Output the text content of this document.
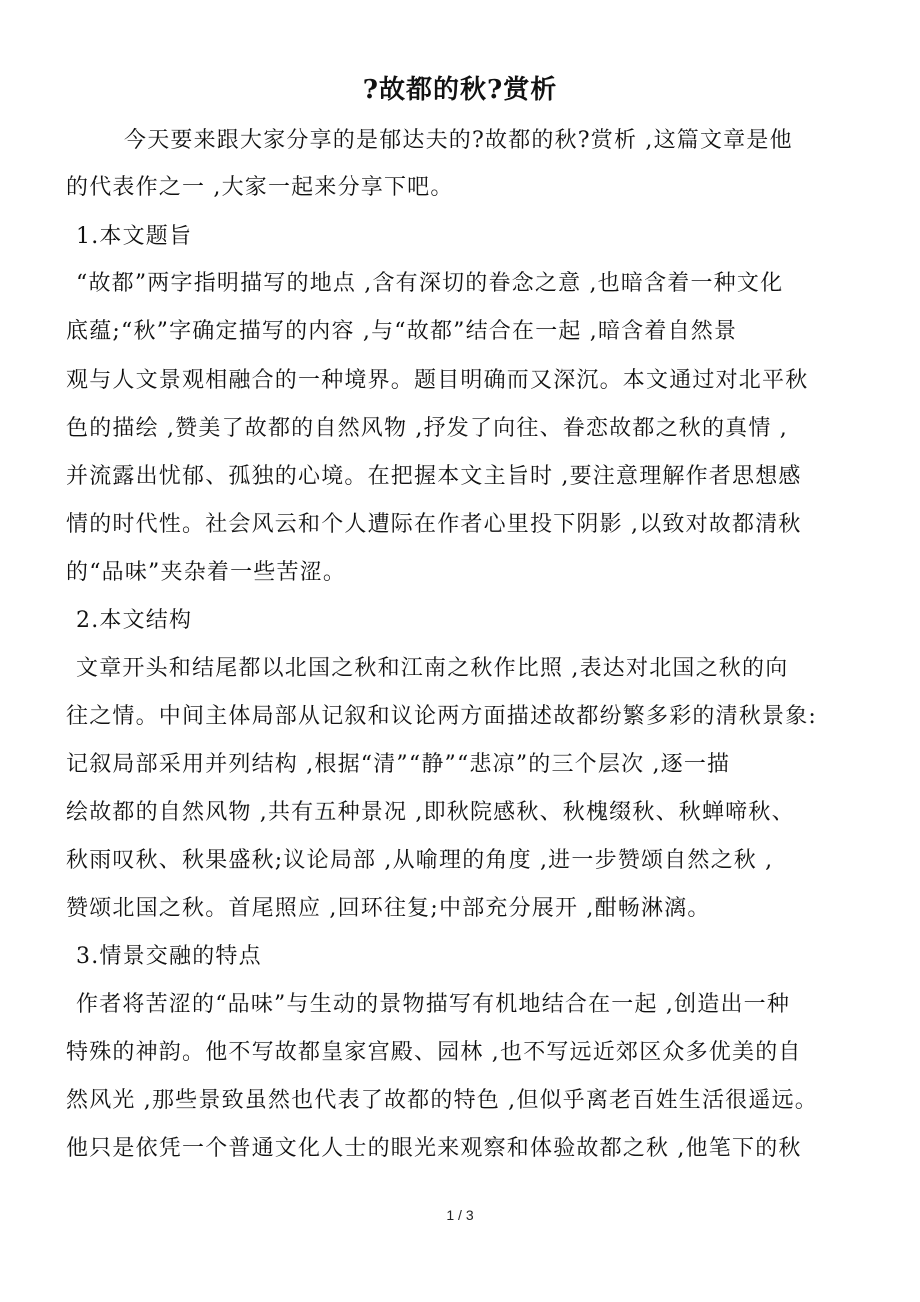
?故都的秋?赏析
今天要来跟大家分享的是郁达夫的?故都的秋?赏析 ,这篇文章是他
的代表作之一 ,大家一起来分享下吧。
1.本文题旨
“故都”两字指明描写的地点 ,含有深切的眷念之意 ,也暗含着一种文化
底蕴;“秋”字确定描写的内容 ,与“故都”结合在一起 ,暗含着自然景
观与人文景观相融合的一种境界。题目明确而又深沉。本文通过对北平秋
色的描绘 ,赞美了故都的自然风物 ,抒发了向往、眷恋故都之秋的真情 ,
并流露出忧郁、孤独的心境。在把握本文主旨时 ,要注意理解作者思想感
情的时代性。社会风云和个人遭际在作者心里投下阴影 ,以致对故都清秋
的“品味”夹杂着一些苦涩。
2.本文结构
文章开头和结尾都以北国之秋和江南之秋作比照 ,表达对北国之秋的向
往之情。中间主体局部从记叙和议论两方面描述故都纷繁多彩的清秋景象:
记叙局部采用并列结构 ,根据“清”“静”“悲凉”的三个层次 ,逐一描
绘故都的自然风物 ,共有五种景况 ,即秋院感秋、秋槐缀秋、秋蝉啼秋、
秋雨叹秋、秋果盛秋;议论局部 ,从喻理的角度 ,进一步赞颂自然之秋 ,
赞颂北国之秋。首尾照应 ,回环往复;中部充分展开 ,酣畅淋漓。
3.情景交融的特点
作者将苦涩的“品味”与生动的景物描写有机地结合在一起 ,创造出一种
特殊的神韵。他不写故都皇家宫殿、园林 ,也不写远近郊区众多优美的自
然风光 ,那些景致虽然也代表了故都的特色 ,但似乎离老百姓生活很遥远。
他只是依凭一个普通文化人士的眼光来观察和体验故都之秋 ,他笔下的秋
1 / 3
